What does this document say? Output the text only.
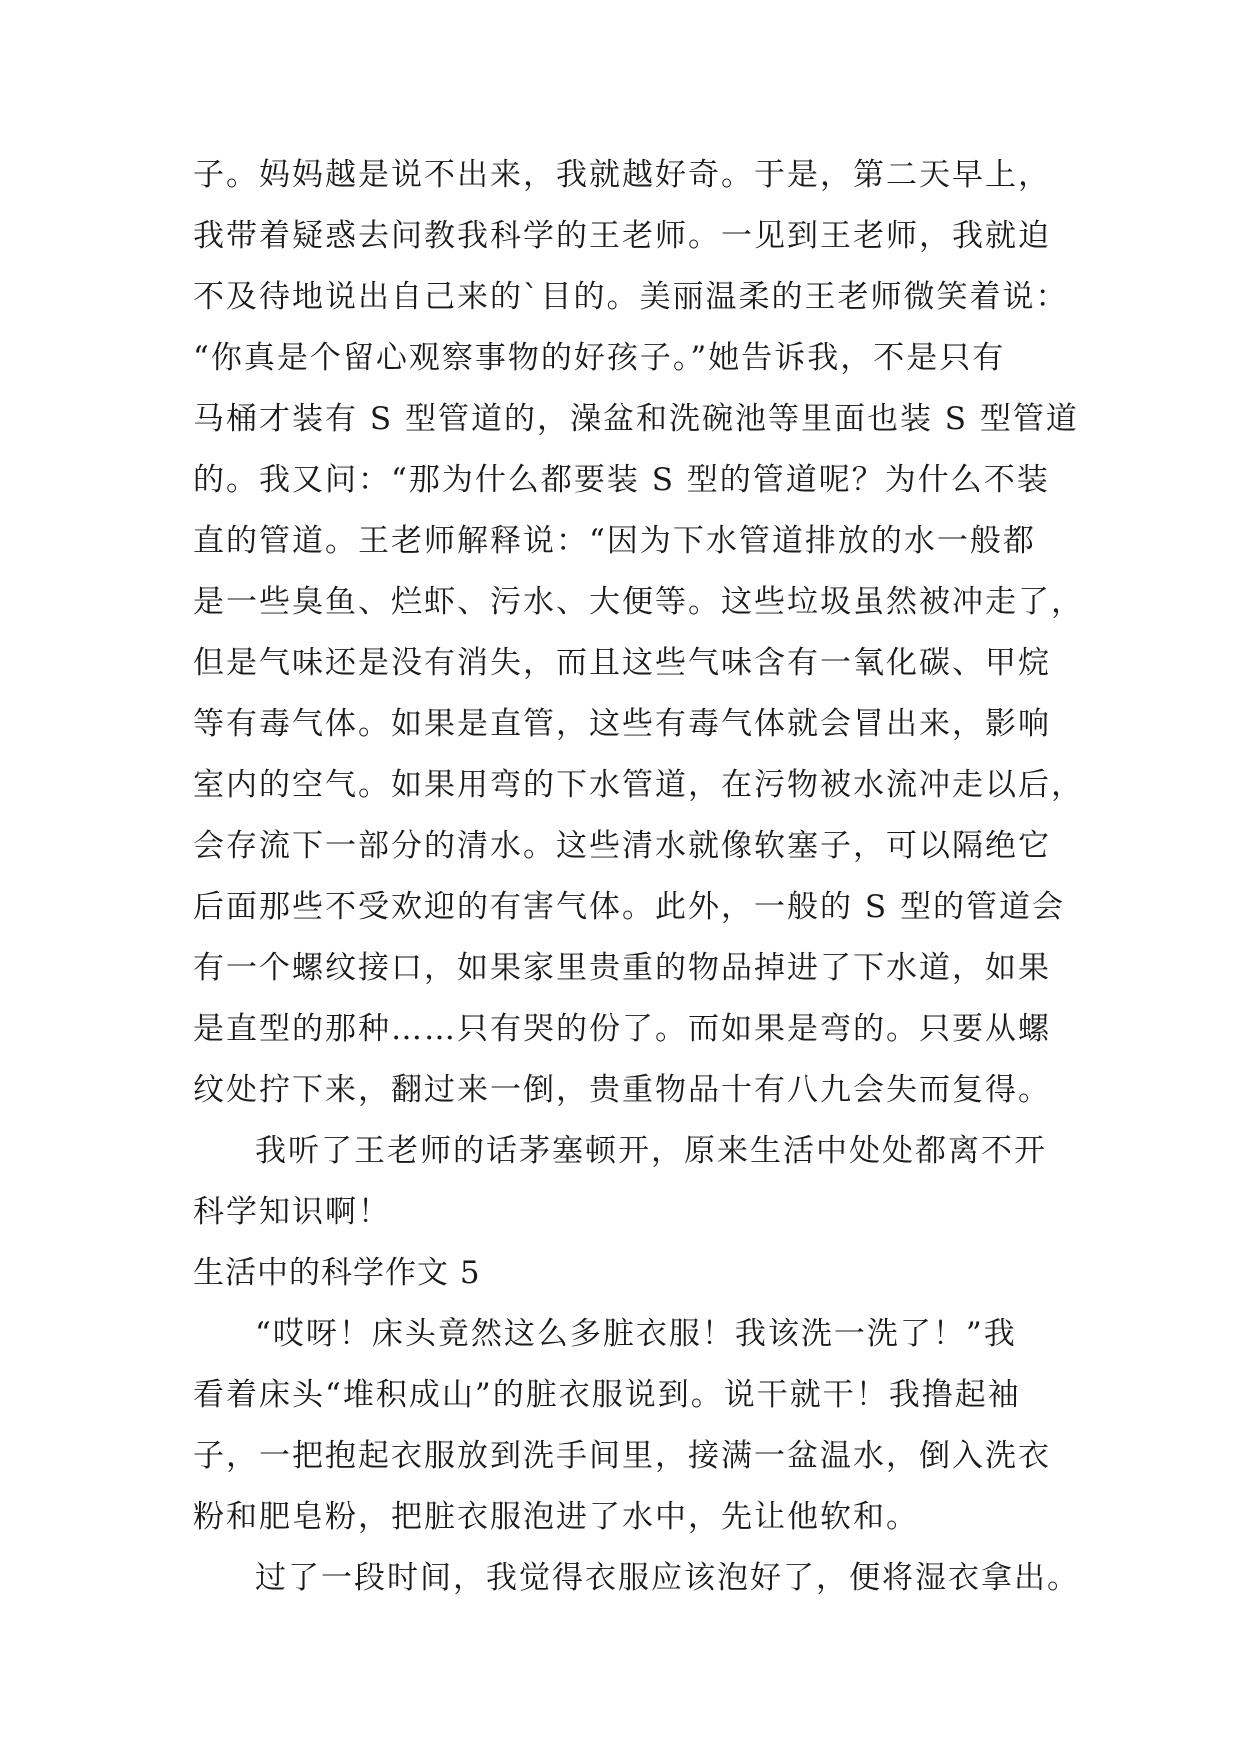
子。妈妈越是说不出来，我就越好奇。于是，第二天早上，
我带着疑惑去问教我科学的王老师。一见到王老师，我就迫
不及待地说出自己来的`目的。美丽温柔的王老师微笑着说：
“你真是个留心观察事物的好孩子。”她告诉我，不是只有
马桶才装有 S 型管道的，澡盆和洗碗池等里面也装 S 型管道
的。我又问：“那为什么都要装 S 型的管道呢？为什么不装
直的管道。王老师解释说：“因为下水管道排放的水一般都
是一些臭鱼、烂虾、污水、大便等。这些垃圾虽然被冲走了，
但是气味还是没有消失，而且这些气味含有一氧化碳、甲烷
等有毒气体。如果是直管，这些有毒气体就会冒出来，影响
室内的空气。如果用弯的下水管道，在污物被水流冲走以后，
会存流下一部分的清水。这些清水就像软塞子，可以隔绝它
后面那些不受欢迎的有害气体。此外，一般的 S 型的管道会
有一个螺纹接口，如果家里贵重的物品掉进了下水道，如果
是直型的那种……只有哭的份了。而如果是弯的。只要从螺
纹处拧下来，翻过来一倒，贵重物品十有八九会失而复得。
我听了王老师的话茅塞顿开，原来生活中处处都离不开
科学知识啊！
生活中的科学作文 5
“哎呀！床头竟然这么多脏衣服！我该洗一洗了！”我
看着床头“堆积成山”的脏衣服说到。说干就干！我撸起袖
子，一把抱起衣服放到洗手间里，接满一盆温水，倒入洗衣
粉和肥皂粉，把脏衣服泡进了水中，先让他软和。
过了一段时间，我觉得衣服应该泡好了，便将湿衣拿出。
